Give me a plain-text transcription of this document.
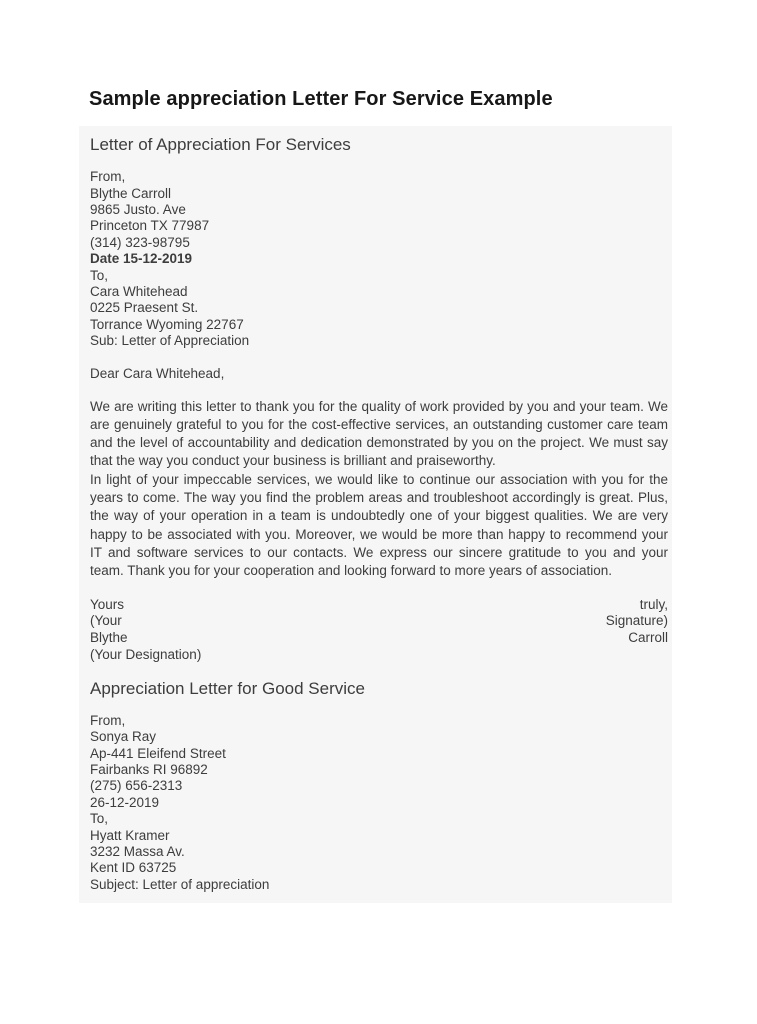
Sample appreciation Letter For Service Example
Letter of Appreciation For Services
From,
Blythe Carroll
9865 Justo. Ave
Princeton TX 77987
(314) 323-98795
Date 15-12-2019
To,
Cara Whitehead
0225 Praesent St.
Torrance Wyoming 22767
Sub: Letter of Appreciation

Dear Cara Whitehead,

We are writing this letter to thank you for the quality of work provided by you and your team. We are genuinely grateful to you for the cost-effective services, an outstanding customer care team and the level of accountability and dedication demonstrated by you on the project. We must say that the way you conduct your business is brilliant and praiseworthy.

In light of your impeccable services, we would like to continue our association with you for the years to come. The way you find the problem areas and troubleshoot accordingly is great. Plus, the way of your operation in a team is undoubtedly one of your biggest qualities. We are very happy to be associated with you. Moreover, we would be more than happy to recommend your IT and software services to our contacts. We express our sincere gratitude to you and your team. Thank you for your cooperation and looking forward to more years of association.

Yours	truly,
(Your	Signature)
Blythe	Carroll
(Your Designation)
Appreciation Letter for Good Service
From,
Sonya Ray
Ap-441 Eleifend Street
Fairbanks RI 96892
(275) 656-2313
26-12-2019
To,
Hyatt Kramer
3232 Massa Av.
Kent ID 63725
Subject: Letter of appreciation
